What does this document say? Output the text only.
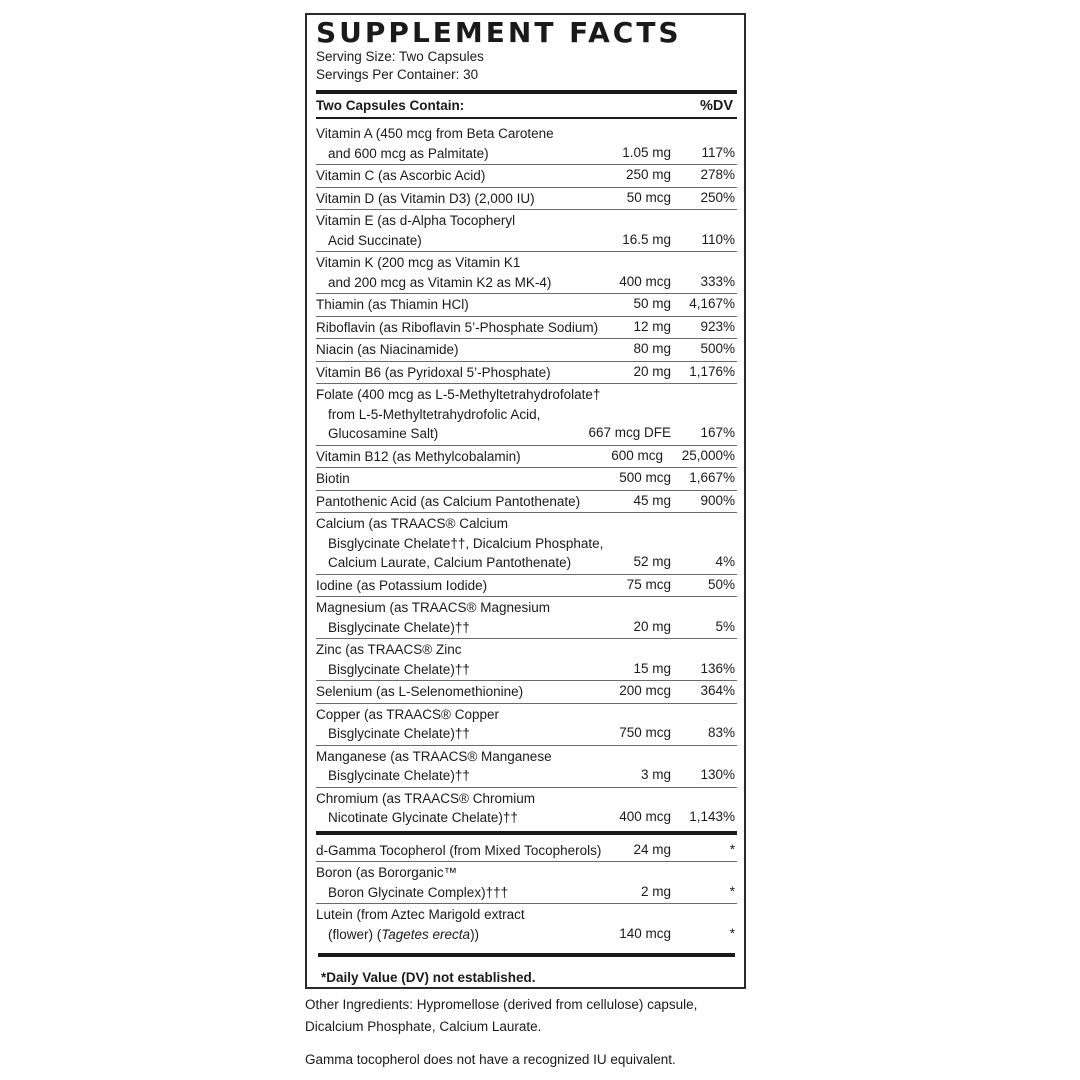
SUPPLEMENT FACTS
Serving Size: Two Capsules
Servings Per Container: 30
Two Capsules Contain:	%DV
Vitamin A (450 mcg from Beta Carotene
and 600 mcg as Palmitate)	1.05 mg 117%
Vitamin C (as Ascorbic Acid)	250 mg 278%
Vitamin D (as Vitamin D3) (2,000 IU)	50 mcg 250%
Vitamin E (as d-Alpha Tocopheryl
Acid Succinate)	16.5 mg 110%
Vitamin K (200 mcg as Vitamin K1
and 200 mcg as Vitamin K2 as MK-4)	400 mcg 333%
Thiamin (as Thiamin HCl)	50 mg 4,167%
Riboflavin (as Riboflavin 5’-Phosphate Sodium)	12 mg 923%
Niacin (as Niacinamide)	80 mg 500%
Vitamin B6 (as Pyridoxal 5’-Phosphate)	20 mg 1,176%
Folate (400 mcg as L-5-Methyltetrahydrofolate†
from L-5-Methyltetrahydrofolic Acid,
Glucosamine Salt)	667 mcg DFE 167%
Vitamin B12 (as Methylcobalamin)	600 mcg 25,000%
Biotin	500 mcg 1,667%
Pantothenic Acid (as Calcium Pantothenate)	45 mg 900%
Calcium (as TRAACS® Calcium
Bisglycinate Chelate††, Dicalcium Phosphate,
Calcium Laurate, Calcium Pantothenate)	52 mg	4%
Iodine (as Potassium Iodide)	75 mcg	50%
Magnesium (as TRAACS® Magnesium
Bisglycinate Chelate)††	20 mg	5%
Zinc (as TRAACS® Zinc
Bisglycinate Chelate)††	15 mg 136%
Selenium (as L-Selenomethionine)	200 mcg 364%
Copper (as TRAACS® Copper
Bisglycinate Chelate)††	750 mcg	83%
Manganese (as TRAACS® Manganese
Bisglycinate Chelate)††	3 mg 130%
Chromium (as TRAACS® Chromium
Nicotinate Glycinate Chelate)††	400 mcg 1,143%
d-Gamma Tocopherol (from Mixed Tocopherols)	24 mg	*
Boron (as Bororganic™
Boron Glycinate Complex)†††	2 mg	*
Lutein (from Aztec Marigold extract
(flower) (Tagetes erecta))	140 mcg	*
*Daily Value (DV) not established.
Other Ingredients: Hypromellose (derived from cellulose) capsule,
Dicalcium Phosphate, Calcium Laurate.
Gamma tocopherol does not have a recognized IU equivalent.
